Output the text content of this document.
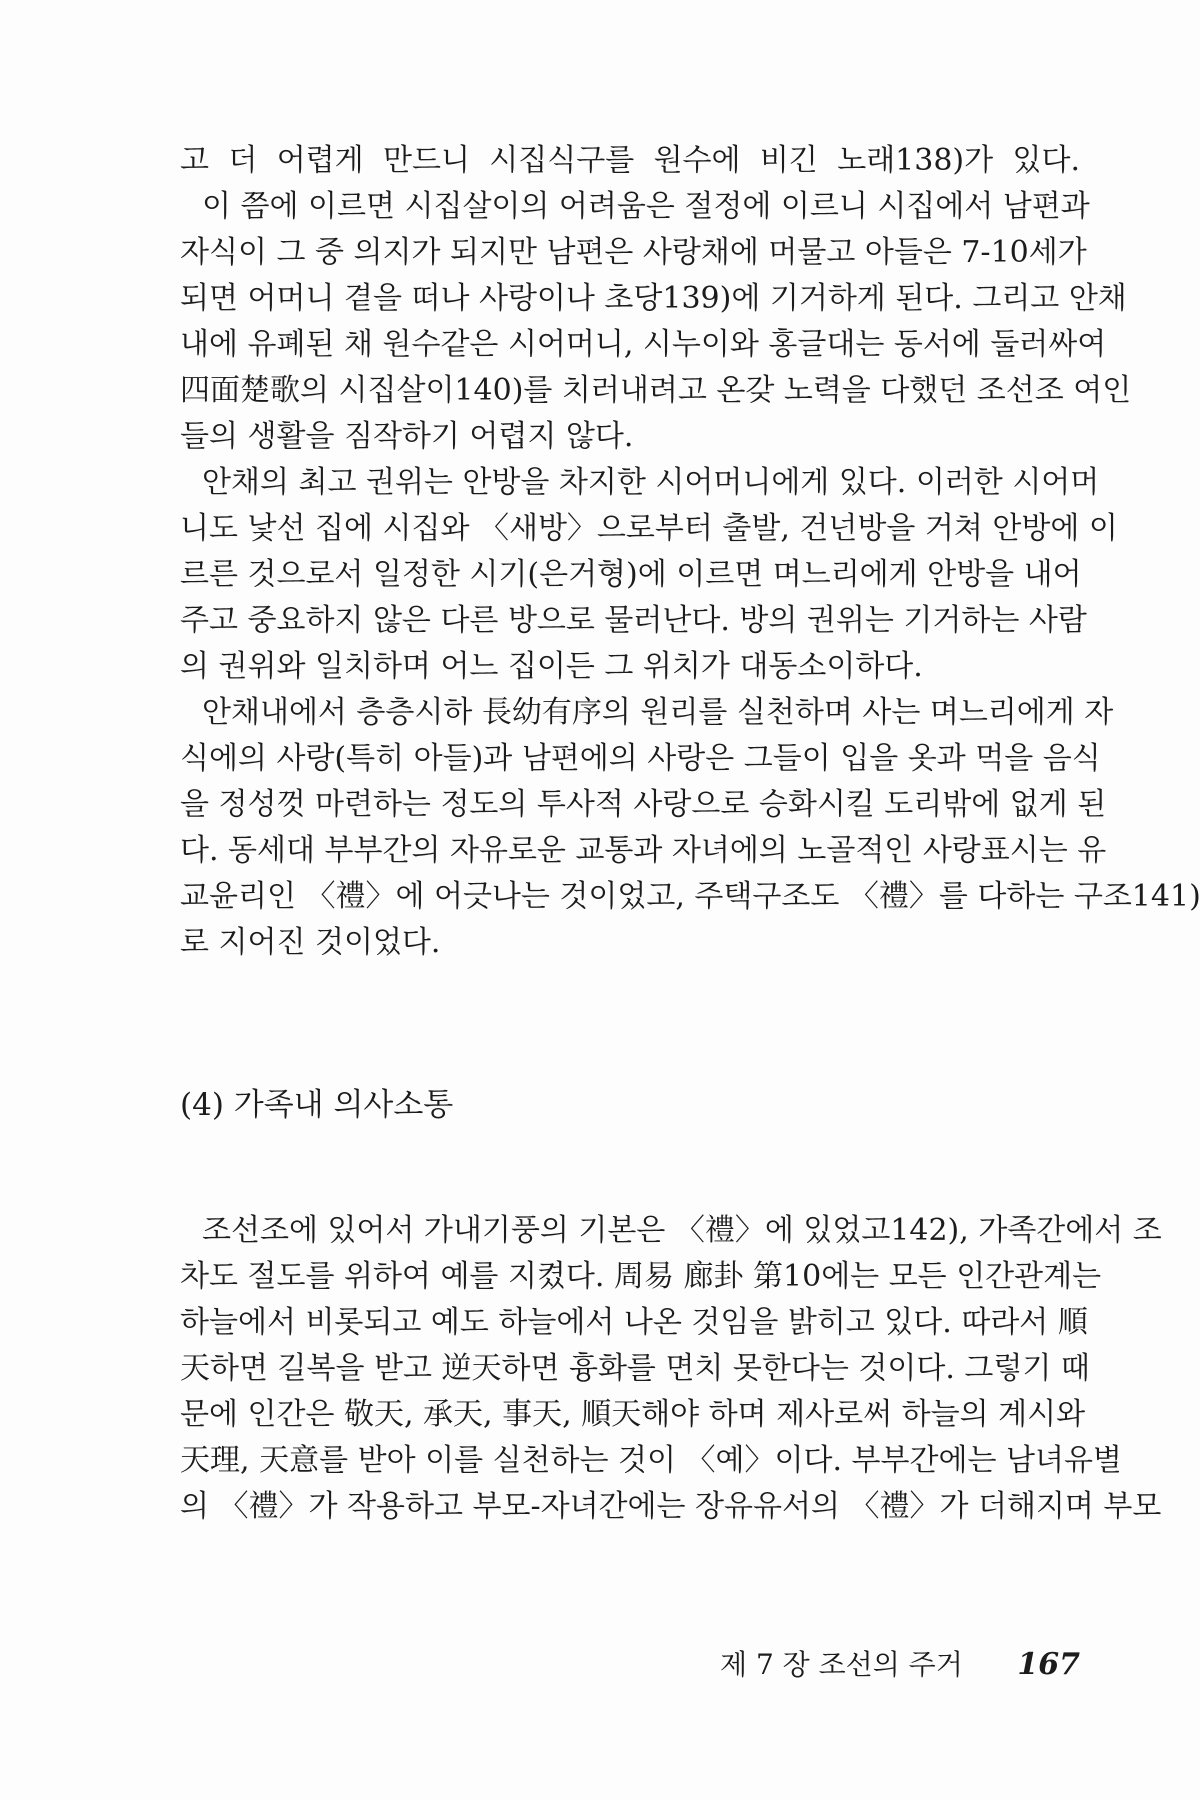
고 더 어렵게 만드니 시집식구를 원수에 비긴 노래138)가 있다.
이 쯤에 이르면 시집살이의 어려움은 절정에 이르니 시집에서 남편과
자식이 그 중 의지가 되지만 남편은 사랑채에 머물고 아들은 7-10세가
되면 어머니 곁을 떠나 사랑이나 초당139)에 기거하게 된다. 그리고 안채
내에 유폐된 채 원수같은 시어머니, 시누이와 홍글대는 동서에 둘러싸여
四面楚歌의 시집살이140)를 치러내려고 온갖 노력을 다했던 조선조 여인
들의 생활을 짐작하기 어렵지 않다.
안채의 최고 권위는 안방을 차지한 시어머니에게 있다. 이러한 시어머
니도 낯선 집에 시집와 〈새방〉으로부터 출발, 건넌방을 거쳐 안방에 이
르른 것으로서 일정한 시기(은거형)에 이르면 며느리에게 안방을 내어
주고 중요하지 않은 다른 방으로 물러난다. 방의 권위는 기거하는 사람
의 권위와 일치하며 어느 집이든 그 위치가 대동소이하다.
안채내에서 층층시하 長幼有序의 원리를 실천하며 사는 며느리에게 자
식에의 사랑(특히 아들)과 남편에의 사랑은 그들이 입을 옷과 먹을 음식
을 정성껏 마련하는 정도의 투사적 사랑으로 승화시킬 도리밖에 없게 된
다. 동세대 부부간의 자유로운 교통과 자녀에의 노골적인 사랑표시는 유
교윤리인 〈禮〉에 어긋나는 것이었고, 주택구조도 〈禮〉를 다하는 구조141)
로 지어진 것이었다.
(4) 가족내 의사소통
조선조에 있어서 가내기풍의 기본은 〈禮〉에 있었고142), 가족간에서 조
차도 절도를 위하여 예를 지켰다. 周易 廊卦 第10에는 모든 인간관계는
하늘에서 비롯되고 예도 하늘에서 나온 것임을 밝히고 있다. 따라서 順
天하면 길복을 받고 逆天하면 흉화를 면치 못한다는 것이다. 그렇기 때
문에 인간은 敬天, 承天, 事天, 順天해야 하며 제사로써 하늘의 계시와
天理, 天意를 받아 이를 실천하는 것이 〈예〉이다. 부부간에는 남녀유별
의 〈禮〉가 작용하고 부모-자녀간에는 장유유서의 〈禮〉가 더해지며 부모
제 7 장 조선의 주거 167
